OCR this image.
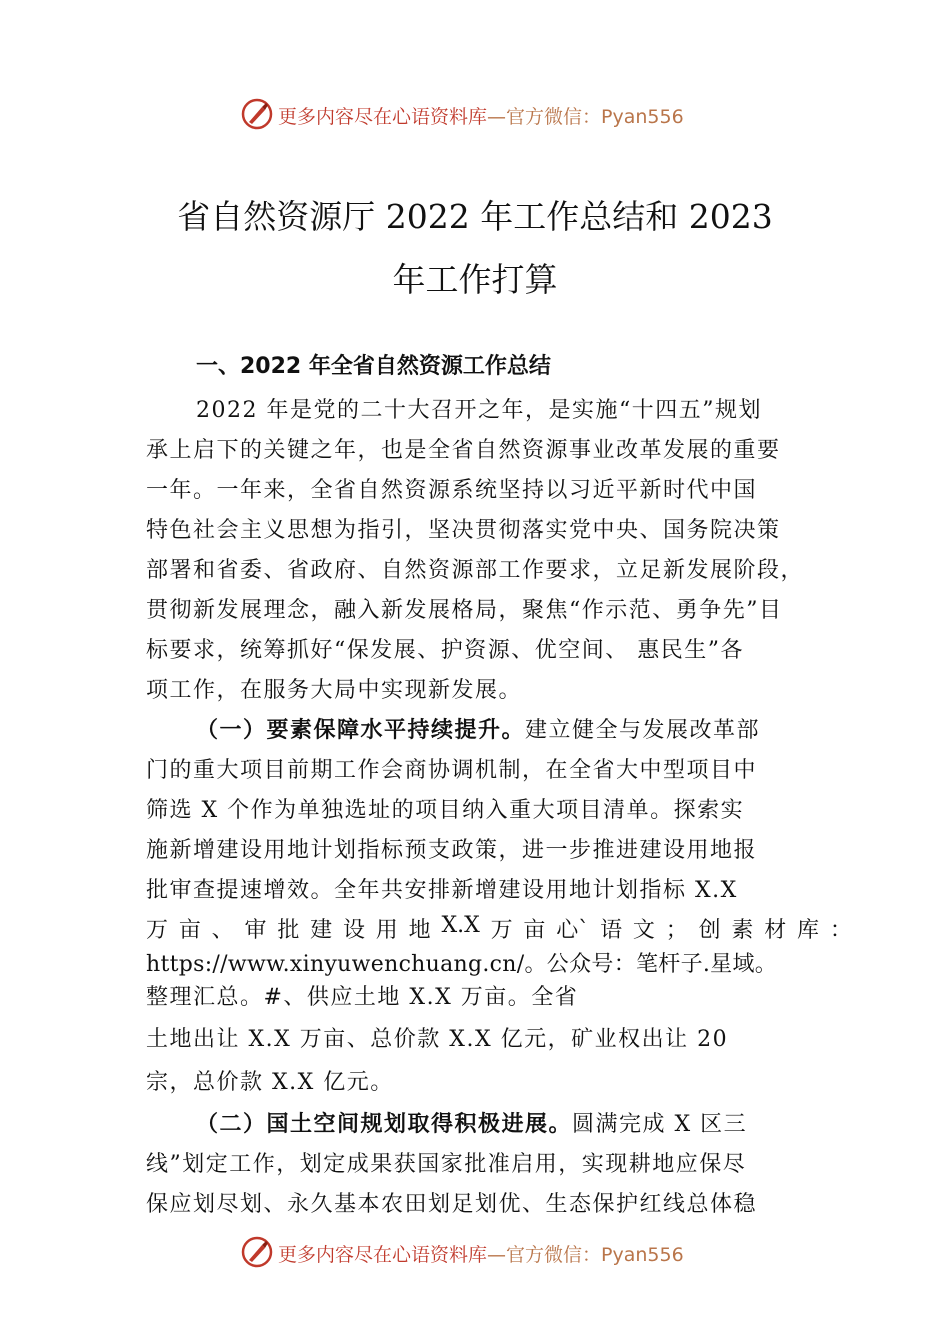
更多内容尽在心语资料库—官方微信：Pyan556
省自然资源厅 2022 年工作总结和 2023
年工作打算
一、2022 年全省自然资源工作总结
2022 年是党的二十大召开之年，是实施“十四五”规划
承上启下的关键之年，也是全省自然资源事业改革发展的重要
一年。一年来，全省自然资源系统坚持以习近平新时代中国
特色社会主义思想为指引，坚决贯彻落实党中央、国务院决策
部署和省委、省政府、自然资源部工作要求，立足新发展阶段，
贯彻新发展理念，融入新发展格局，聚焦“作示范、勇争先”目
标要求，统筹抓好“保发展、护资源、优空间、 惠民生”各
项工作，在服务大局中实现新发展。
（一）要素保障水平持续提升。建立健全与发展改革部
门的重大项目前期工作会商协调机制，在全省大中型项目中
筛选 X 个作为单独选址的项目纳入重大项目清单。探索实
施新增建设用地计划指标预支政策，进一步推进建设用地报
批审查提速增效。全年共安排新增建设用地计划指标 X.X
万 亩 、 审 批 建 设 用 地 X.X 万 亩 心` 语 文 ； 创 素 材 库 ：
https://www.xinyuwenchuang.cn/。公众号：笔杆子.星域。
整理汇总。#、供应土地 X.X 万亩。全省
土地出让 X.X 万亩、总价款 X.X 亿元，矿业权出让 20
宗，总价款 X.X 亿元。
（二）国土空间规划取得积极进展。圆满完成 X 区三
线”划定工作，划定成果获国家批准启用，实现耕地应保尽
保应划尽划、永久基本农田划足划优、生态保护红线总体稳
更多内容尽在心语资料库—官方微信：Pyan556
